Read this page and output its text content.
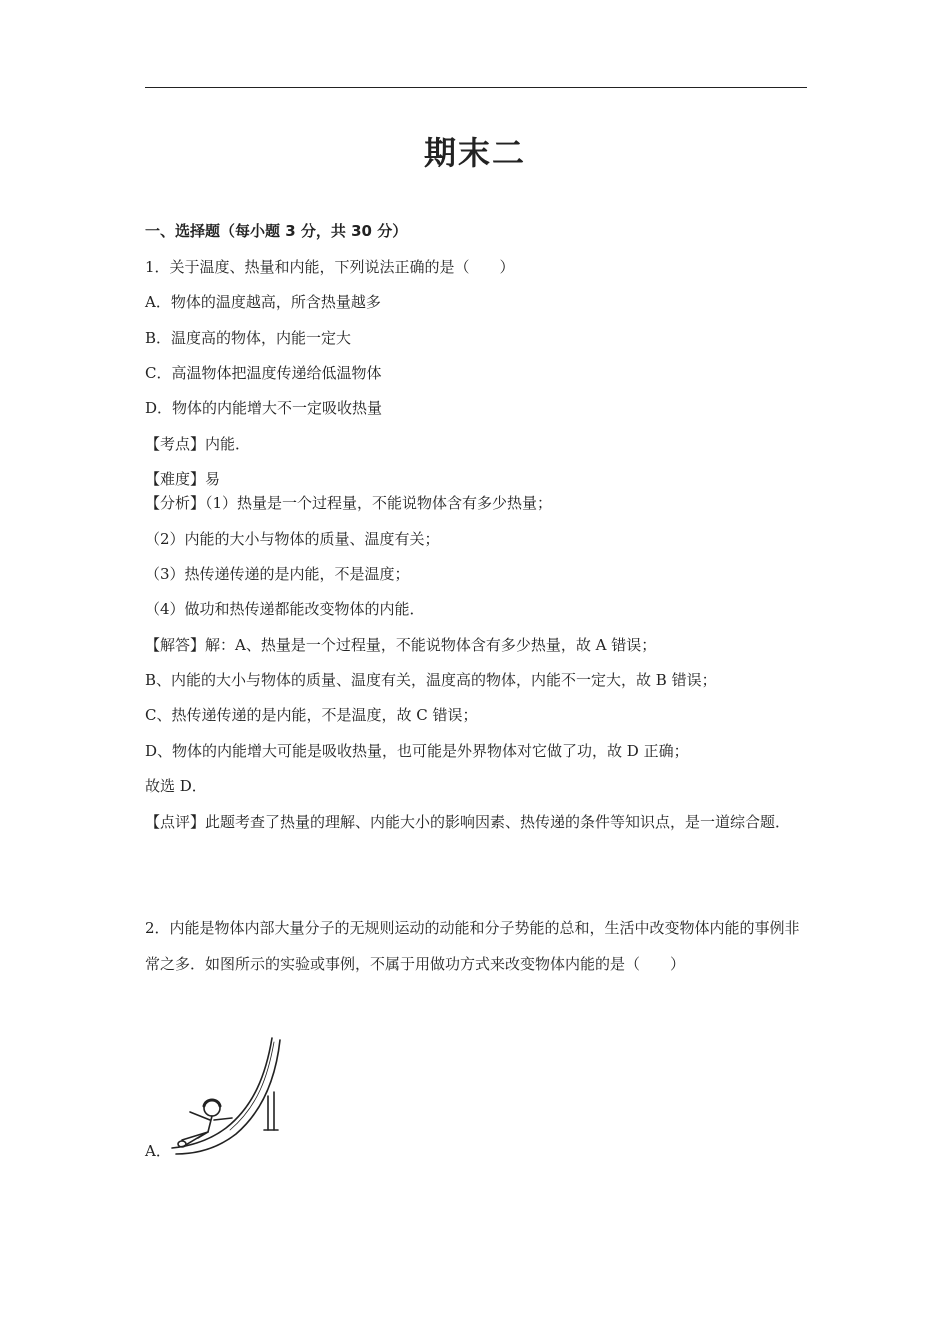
期末二
一、选择题（每小题 3 分，共 30 分）
1．关于温度、热量和内能，下列说法正确的是（　　）
A．物体的温度越高，所含热量越多
B．温度高的物体，内能一定大
C．高温物体把温度传递给低温物体
D．物体的内能增大不一定吸收热量
【考点】内能．
【难度】易
【分析】（1）热量是一个过程量，不能说物体含有多少热量；
（2）内能的大小与物体的质量、温度有关；
（3）热传递传递的是内能，不是温度；
（4）做功和热传递都能改变物体的内能．
【解答】解：A、热量是一个过程量，不能说物体含有多少热量，故 A 错误；
B、内能的大小与物体的质量、温度有关，温度高的物体，内能不一定大，故 B 错误；
C、热传递传递的是内能，不是温度，故 C 错误；
D、物体的内能增大可能是吸收热量，也可能是外界物体对它做了功，故 D 正确；
故选 D．
【点评】此题考查了热量的理解、内能大小的影响因素、热传递的条件等知识点，是一道综合题．
2．内能是物体内部大量分子的无规则运动的动能和分子势能的总和，生活中改变物体内能的事例非常之多．如图所示的实验或事例，不属于用做功方式来改变物体内能的是（　　）
A．
